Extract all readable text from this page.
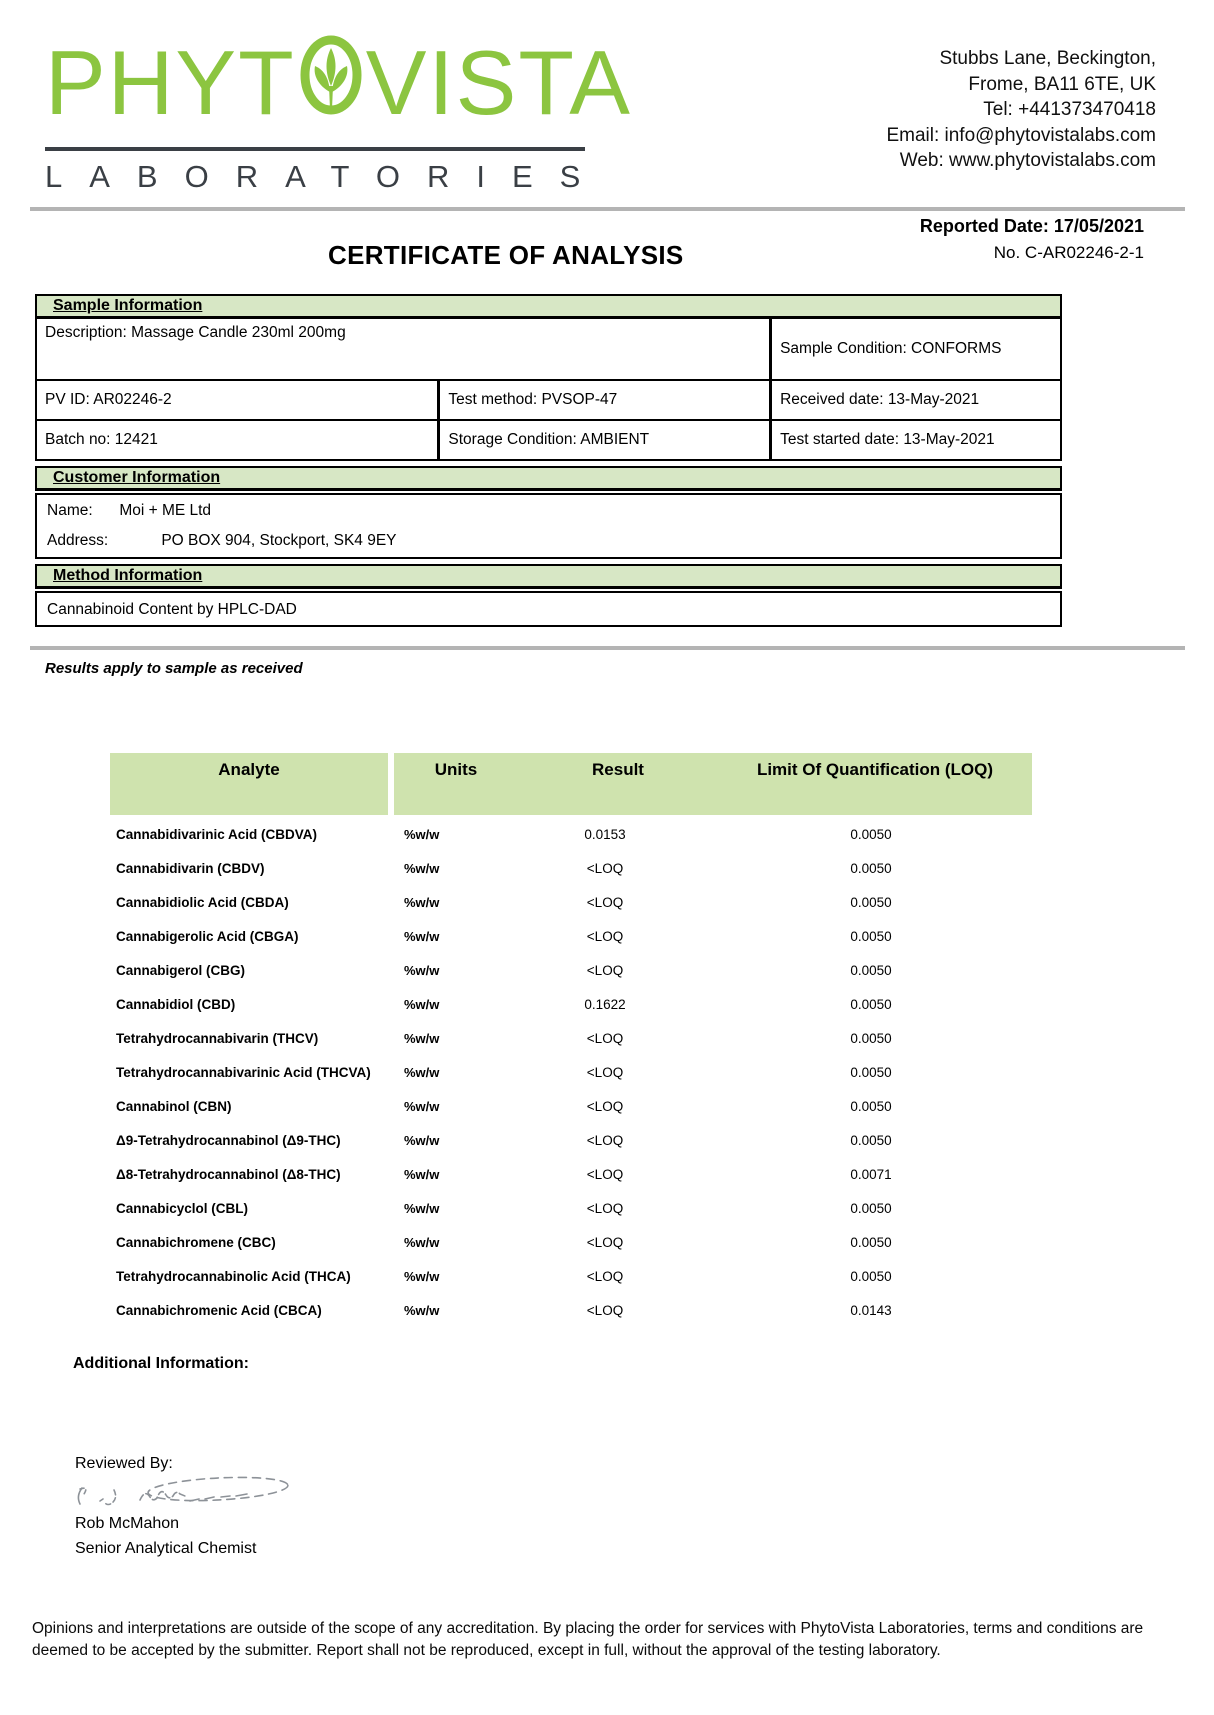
PHYT VISTA
LABORATORIES
Stubbs Lane, Beckington,
Frome, BA11 6TE, UK
Tel: +441373470418
Email: info@phytovistalabs.com
Web: www.phytovistalabs.com
Reported Date: 17/05/2021
No. C-AR02246-2-1
CERTIFICATE OF ANALYSIS
Sample Information
Description: Massage Candle 230ml 200mg
Sample Condition: CONFORMS
PV ID: AR02246-2	Test method: PVSOP-47	Received date: 13-May-2021
Batch no: 12421	Storage Condition: AMBIENT	Test started date: 13-May-2021
Customer Information
Name: Moi + ME Ltd
Address:	PO BOX 904, Stockport, SK4 9EY
Method Information
Cannabinoid Content by HPLC-DAD
Results apply to sample as received
Analyte	Units	Result	Limit Of Quantification (LOQ)
Cannabidivarinic Acid (CBDVA)	%w/w	0.0153	0.0050
Cannabidivarin (CBDV)	%w/w	<LOQ	0.0050
Cannabidiolic Acid (CBDA)	%w/w	<LOQ	0.0050
Cannabigerolic Acid (CBGA)	%w/w	<LOQ	0.0050
Cannabigerol (CBG)	%w/w	<LOQ	0.0050
Cannabidiol (CBD)	%w/w	0.1622	0.0050
Tetrahydrocannabivarin (THCV)	%w/w	<LOQ	0.0050
Tetrahydrocannabivarinic Acid (THCVA)	%w/w	<LOQ	0.0050
Cannabinol (CBN)	%w/w	<LOQ	0.0050
Δ9-Tetrahydrocannabinol (Δ9-THC)	%w/w	<LOQ	0.0050
Δ8-Tetrahydrocannabinol (Δ8-THC)	%w/w	<LOQ	0.0071
Cannabicyclol (CBL)	%w/w	<LOQ	0.0050
Cannabichromene (CBC)	%w/w	<LOQ	0.0050
Tetrahydrocannabinolic Acid (THCA)	%w/w	<LOQ	0.0050
Cannabichromenic Acid (CBCA)	%w/w	<LOQ	0.0143
Additional Information:
Reviewed By:
Rob McMahon
Senior Analytical Chemist
Opinions and interpretations are outside of the scope of any accreditation. By placing the order for services with PhytoVista Laboratories, terms and conditions are deemed to be accepted by the submitter. Report shall not be reproduced, except in full, without the approval of the testing laboratory.
